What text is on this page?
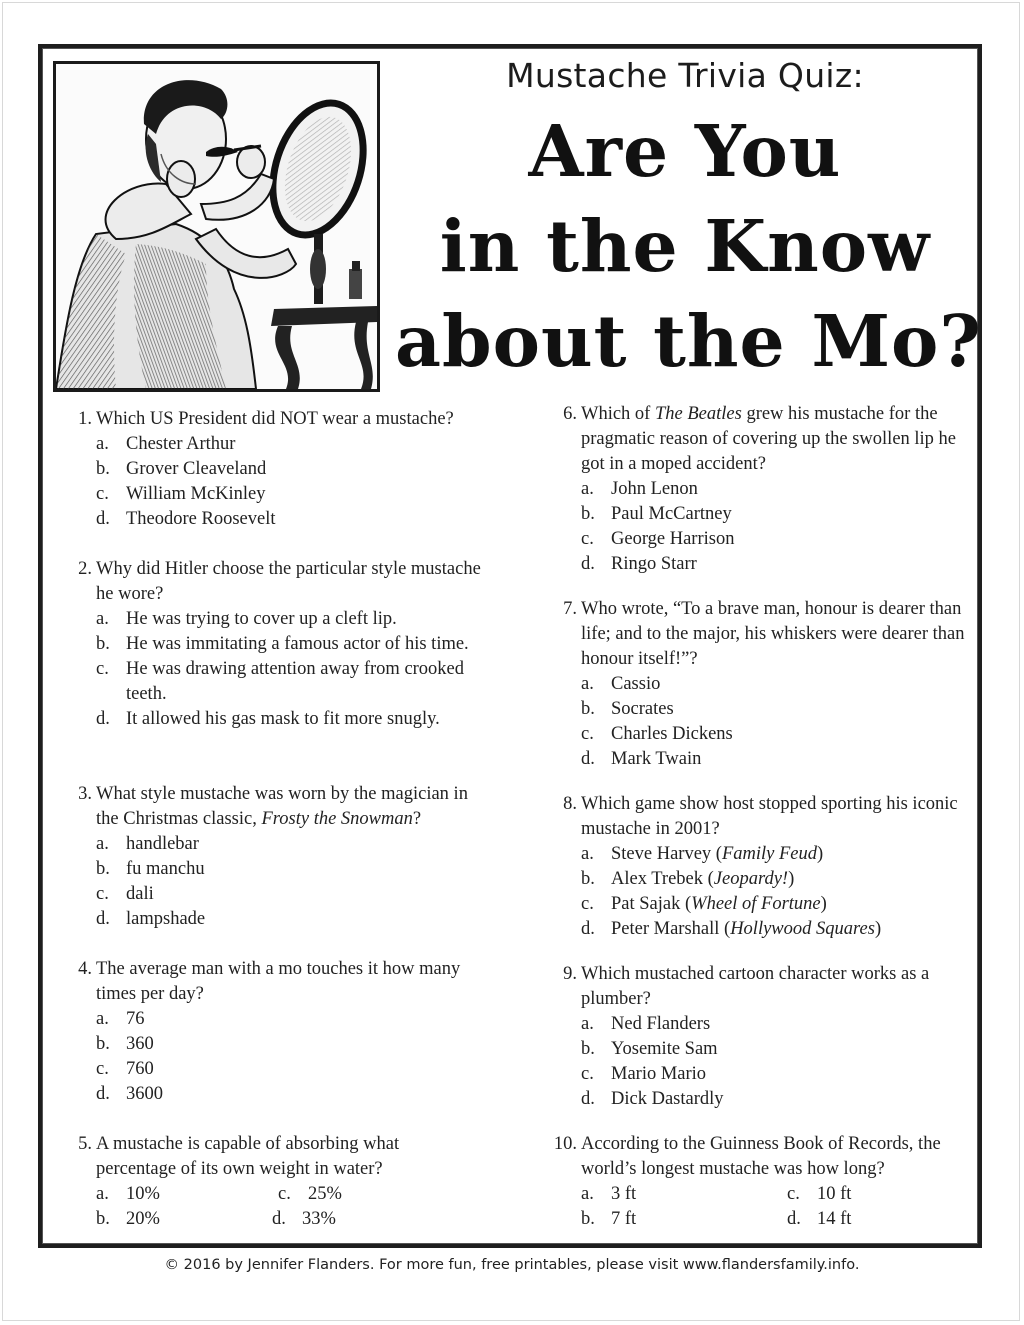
Mustache Trivia Quiz:
Are You
in the Know
about the Mo?
1. Which US President did NOT wear a mustache?
a. Chester Arthur
b. Grover Cleaveland
c. William McKinley
d. Theodore Roosevelt
2. Why did Hitler choose the particular style mustache he wore?
a. He was trying to cover up a cleft lip.
b. He was immitating a famous actor of his time.
c. He was drawing attention away from crooked teeth.
d. It allowed his gas mask to fit more snugly.
3. What style mustache was worn by the magician in the Christmas classic, Frosty the Snowman?
a. handlebar
b. fu manchu
c. dali
d. lampshade
4. The average man with a mo touches it how many times per day?
a. 76
b. 360
c. 760
d. 3600
5. A mustache is capable of absorbing what percentage of its own weight in water?
a. 10%
b. 20%
c. 25%
d. 33%
6. Which of The Beatles grew his mustache for the pragmatic reason of covering up the swollen lip he got in a moped accident?
a. John Lenon
b. Paul McCartney
c. George Harrison
d. Ringo Starr
7. Who wrote, “To a brave man, honour is dearer than life; and to the major, his whiskers were dearer than honour itself!”?
a. Cassio
b. Socrates
c. Charles Dickens
d. Mark Twain
8. Which game show host stopped sporting his iconic mustache in 2001?
a. Steve Harvey (Family Feud)
b. Alex Trebek (Jeopardy!)
c. Pat Sajak (Wheel of Fortune)
d. Peter Marshall (Hollywood Squares)
9. Which mustached cartoon character works as a plumber?
a. Ned Flanders
b. Yosemite Sam
c. Mario Mario
d. Dick Dastardly
10. According to the Guinness Book of Records, the world’s longest mustache was how long?
a. 3 ft
b. 7 ft
c. 10 ft
d. 14 ft
© 2016 by Jennifer Flanders. For more fun, free printables, please visit www.flandersfamily.info.
